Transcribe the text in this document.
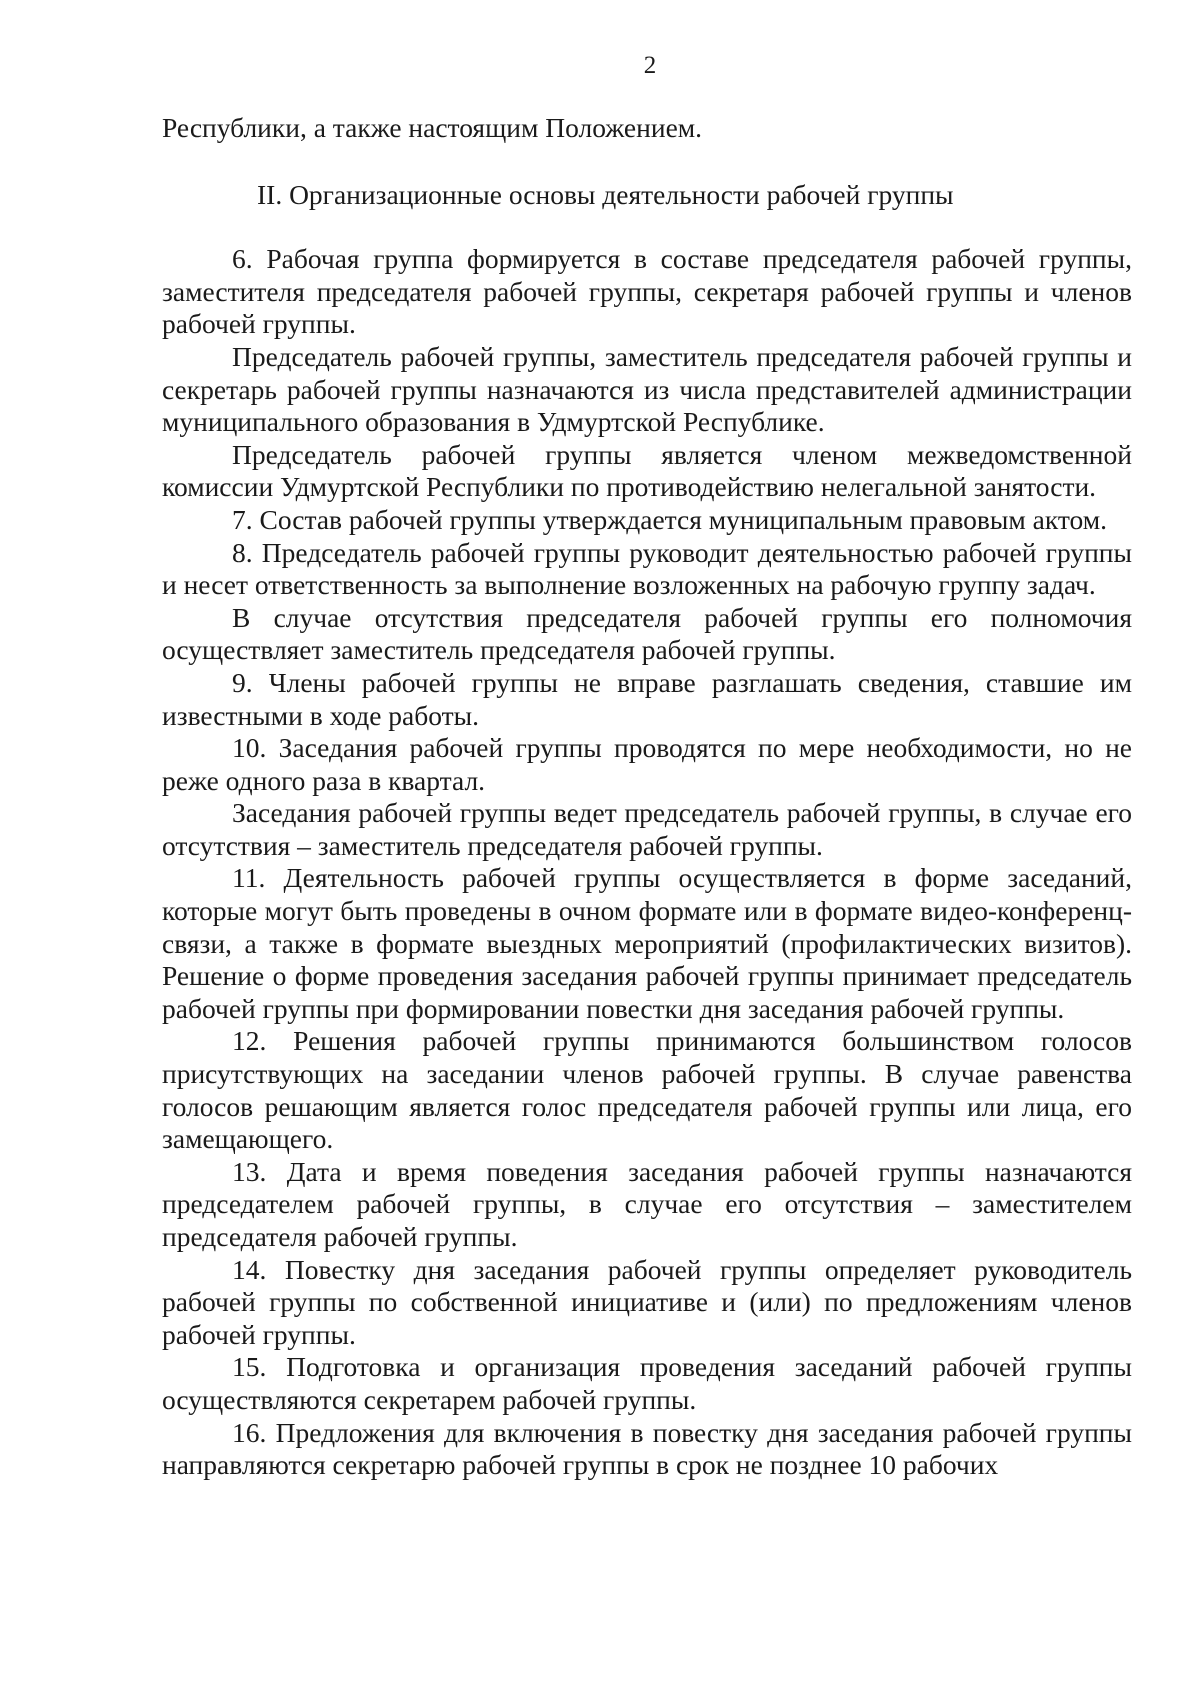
2

Республики, а также настоящим Положением.

II. Организационные основы деятельности рабочей группы

6. Рабочая группа формируется в составе председателя рабочей группы, заместителя председателя рабочей группы, секретаря рабочей группы и членов рабочей группы.

Председатель рабочей группы, заместитель председателя рабочей группы и секретарь рабочей группы назначаются из числа представителей администрации муниципального образования в Удмуртской Республике.

Председатель рабочей группы является членом межведомственной комиссии Удмуртской Республики по противодействию нелегальной занятости.

7. Состав рабочей группы утверждается муниципальным правовым актом.

8. Председатель рабочей группы руководит деятельностью рабочей группы и несет ответственность за выполнение возложенных на рабочую группу задач.

В случае отсутствия председателя рабочей группы его полномочия осуществляет заместитель председателя рабочей группы.

9. Члены рабочей группы не вправе разглашать сведения, ставшие им известными в ходе работы.

10. Заседания рабочей группы проводятся по мере необходимости, но не реже одного раза в квартал.

Заседания рабочей группы ведет председатель рабочей группы, в случае его отсутствия – заместитель председателя рабочей группы.

11. Деятельность рабочей группы осуществляется в форме заседаний, которые могут быть проведены в очном формате или в формате видео-конференц-связи, а также в формате выездных мероприятий (профилактических визитов). Решение о форме проведения заседания рабочей группы принимает председатель рабочей группы при формировании повестки дня заседания рабочей группы.

12. Решения рабочей группы принимаются большинством голосов присутствующих на заседании членов рабочей группы. В случае равенства голосов решающим является голос председателя рабочей группы или лица, его замещающего.

13. Дата и время поведения заседания рабочей группы назначаются председателем рабочей группы, в случае его отсутствия – заместителем председателя рабочей группы.

14. Повестку дня заседания рабочей группы определяет руководитель рабочей группы по собственной инициативе и (или) по предложениям членов рабочей группы.

15. Подготовка и организация проведения заседаний рабочей группы осуществляются секретарем рабочей группы.

16. Предложения для включения в повестку дня заседания рабочей группы направляются секретарю рабочей группы в срок не позднее 10 рабочих
